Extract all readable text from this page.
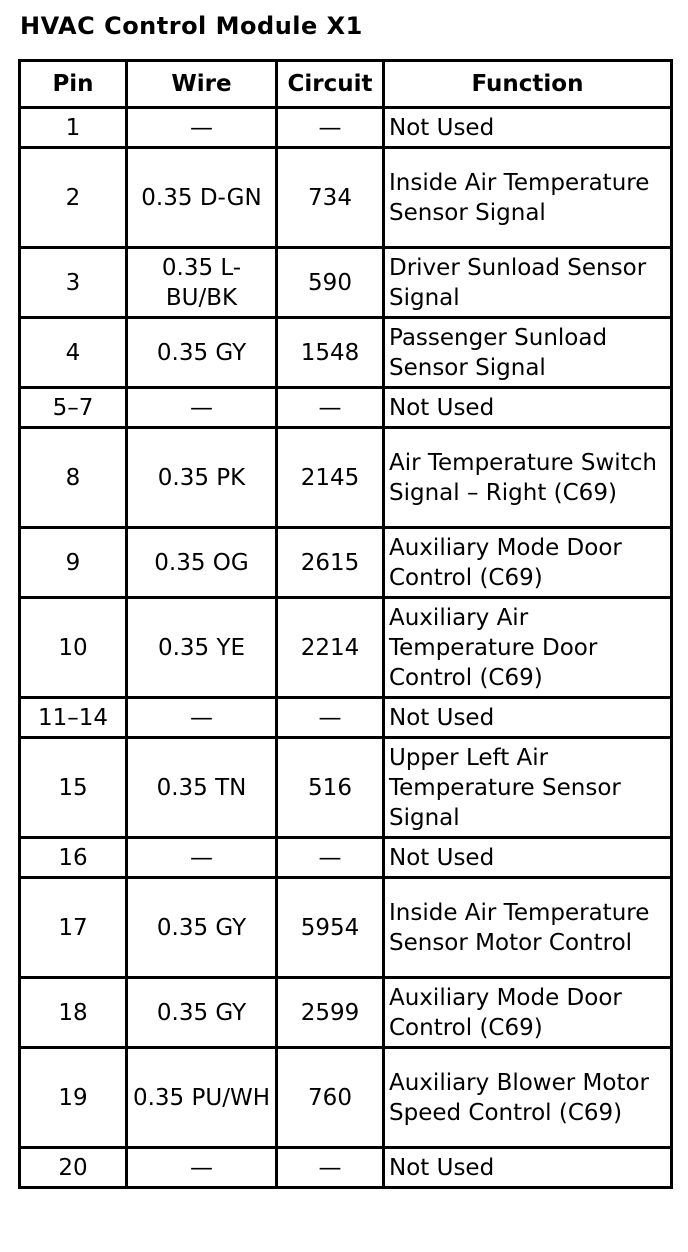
HVAC Control Module X1
Pin	Wire	Circuit	Function
1	—	—	Not Used
2	0.35 D-GN	734	Inside Air Temperature Sensor Signal
3	0.35 L-BU/BK	590	Driver Sunload Sensor Signal
4	0.35 GY	1548	Passenger Sunload Sensor Signal
5–7	—	—	Not Used
8	0.35 PK	2145	Air Temperature Switch Signal – Right (C69)
9	0.35 OG	2615	Auxiliary Mode Door Control (C69)
10	0.35 YE	2214	Auxiliary Air Temperature Door Control (C69)
11–14	—	—	Not Used
15	0.35 TN	516	Upper Left Air Temperature Sensor Signal
16	—	—	Not Used
17	0.35 GY	5954	Inside Air Temperature Sensor Motor Control
18	0.35 GY	2599	Auxiliary Mode Door Control (C69)
19	0.35 PU/WH	760	Auxiliary Blower Motor Speed Control (C69)
20	—	—	Not Used
